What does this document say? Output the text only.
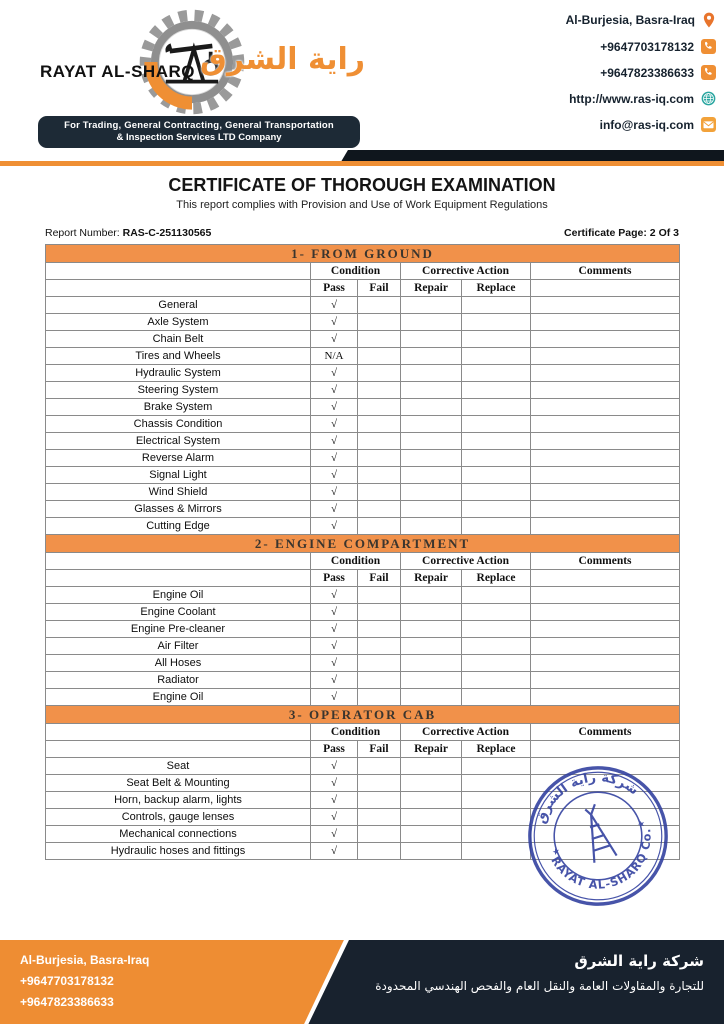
RAYAT AL-SHARQ راية الشرق
For Trading, General Contracting, General Transportation
& Inspection Services LTD Company
Al-Burjesia, Basra-Iraq
+9647703178132
+9647823386633
http://www.ras-iq.com
info@ras-iq.com
CERTIFICATE OF THOROUGH EXAMINATION
This report complies with Provision and Use of Work Equipment Regulations
Report Number: RAS-C-251130565	Certificate Page: 2 Of 3
1- FROM GROUND					
	Condition		Corrective Action		Comments
	Pass	Fail	Repair	Replace	
General	√				
Axle System	√				
Chain Belt	√				
Tires and Wheels	N/A				
Hydraulic System	√				
Steering System	√				
Brake System	√				
Chassis Condition	√				
Electrical System	√				
Reverse Alarm	√				
Signal Light	√				
Wind Shield	√				
Glasses & Mirrors	√				
Cutting Edge	√				
2- ENGINE COMPARTMENT					
	Condition		Corrective Action		Comments
	Pass	Fail	Repair	Replace	
Engine Oil	√				
Engine Coolant	√				
Engine Pre-cleaner	√				
Air Filter	√				
All Hoses	√				
Radiator	√				
Engine Oil	√				
3- OPERATOR CAB					
	Condition		Corrective Action		Comments
	Pass	Fail	Repair	Replace	
Seat	√				
Seat Belt & Mounting	√				
Horn, backup alarm, lights	√				
Controls, gauge lenses	√				
Mechanical connections	√				
Hydraulic hoses and fittings	√				
شركة راية الشرق
RAYAT AL-SHARQ Co.
★
★
Al-Burjesia, Basra-Iraq
+9647703178132
+9647823386633
شركة راية الشرق
للتجارة والمقاولات العامة والنقل العام والفحص الهندسي المحدودة
